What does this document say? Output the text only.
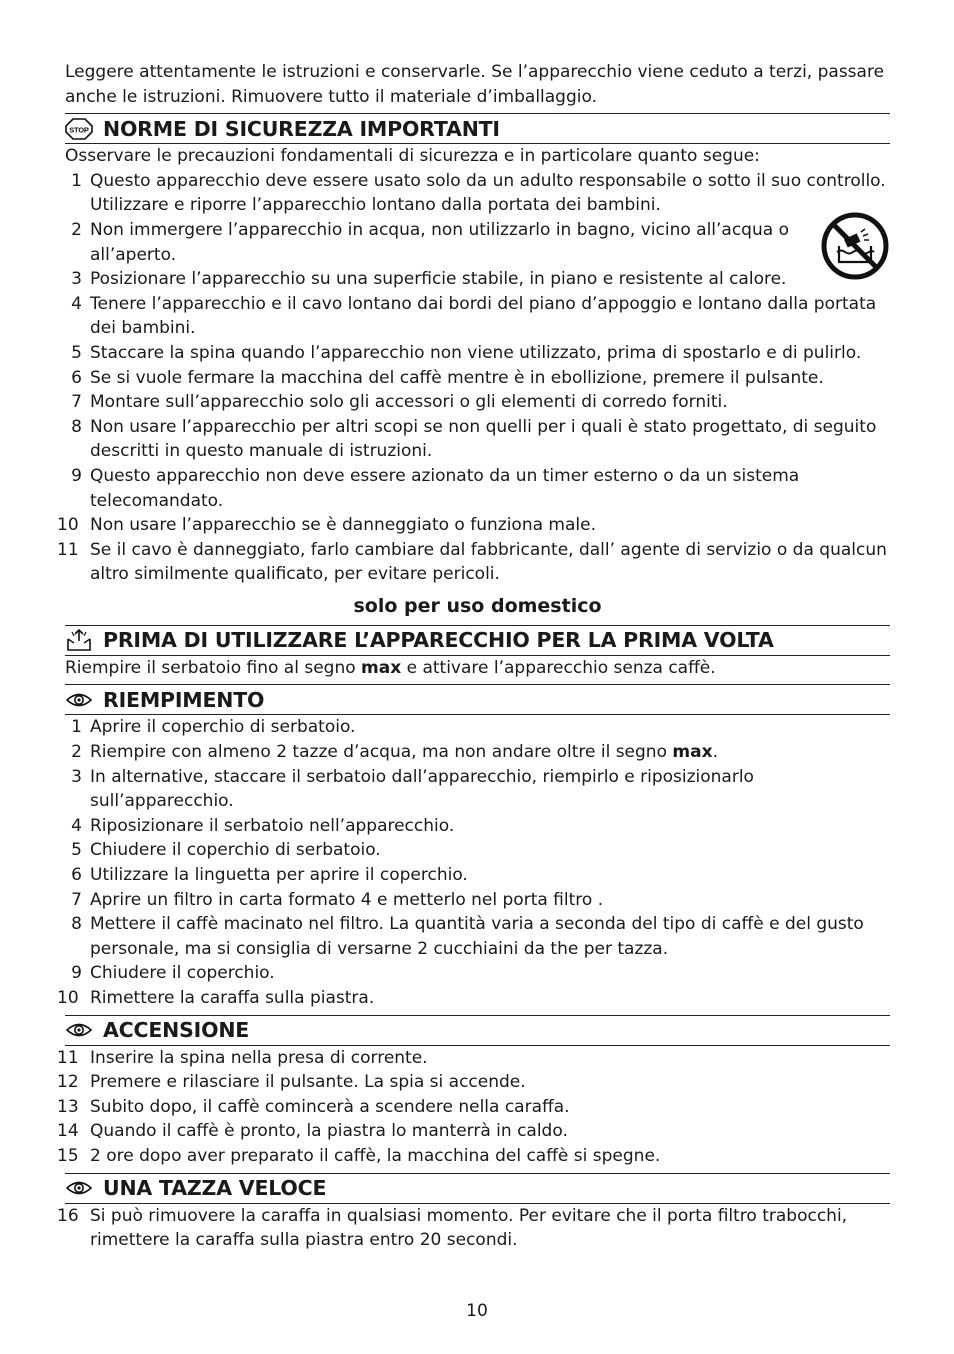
Leggere attentamente le istruzioni e conservarle. Se l’apparecchio viene ceduto a terzi, passare anche le istruzioni. Rimuovere tutto il materiale d’imballaggio.

STOP NORME DI SICUREZZA IMPORTANTI

Osservare le precauzioni fondamentali di sicurezza e in particolare quanto segue:

1 Questo apparecchio deve essere usato solo da un adulto responsabile o sotto il suo controllo. Utilizzare e riporre l’apparecchio lontano dalla portata dei bambini.
2 Non immergere l’apparecchio in acqua, non utilizzarlo in bagno, vicino all’acqua o all’aperto.
3 Posizionare l’apparecchio su una superficie stabile, in piano e resistente al calore.
4 Tenere l’apparecchio e il cavo lontano dai bordi del piano d’appoggio e lontano dalla portata dei bambini.
5 Staccare la spina quando l’apparecchio non viene utilizzato, prima di spostarlo e di pulirlo.
6 Se si vuole fermare la macchina del caffè mentre è in ebollizione, premere il pulsante.
7 Montare sull’apparecchio solo gli accessori o gli elementi di corredo forniti.
8 Non usare l’apparecchio per altri scopi se non quelli per i quali è stato progettato, di seguito descritti in questo manuale di istruzioni.
9 Questo apparecchio non deve essere azionato da un timer esterno o da un sistema telecomandato.
10 Non usare l’apparecchio se è danneggiato o funziona male.
11 Se il cavo è danneggiato, farlo cambiare dal fabbricante, dall’ agente di servizio o da qualcun altro similmente qualificato, per evitare pericoli.

solo per uso domestico

PRIMA DI UTILIZZARE L’APPARECCHIO PER LA PRIMA VOLTA

Riempire il serbatoio fino al segno max e attivare l’apparecchio senza caffè.

RIEMPIMENTO
1 Aprire il coperchio di serbatoio.
2 Riempire con almeno 2 tazze d’acqua, ma non andare oltre il segno max.
3 In alternative, staccare il serbatoio dall’apparecchio, riempirlo e riposizionarlo sull’apparecchio.
4 Riposizionare il serbatoio nell’apparecchio.
5 Chiudere il coperchio di serbatoio.
6 Utilizzare la linguetta per aprire il coperchio.
7 Aprire un filtro in carta formato 4 e metterlo nel porta filtro .
8 Mettere il caffè macinato nel filtro. La quantità varia a seconda del tipo di caffè e del gusto personale, ma si consiglia di versarne 2 cucchiaini da the per tazza.
9 Chiudere il coperchio.
10 Rimettere la caraffa sulla piastra.
ACCENSIONE
11 Inserire la spina nella presa di corrente.
12 Premere e rilasciare il pulsante. La spia si accende.
13 Subito dopo, il caffè comincerà a scendere nella caraffa.
14 Quando il caffè è pronto, la piastra lo manterrà in caldo.
15 2 ore dopo aver preparato il caffè, la macchina del caffè si spegne.
UNA TAZZA VELOCE
16 Si può rimuovere la caraffa in qualsiasi momento. Per evitare che il porta filtro trabocchi, rimettere la caraffa sulla piastra entro 20 secondi.
10
